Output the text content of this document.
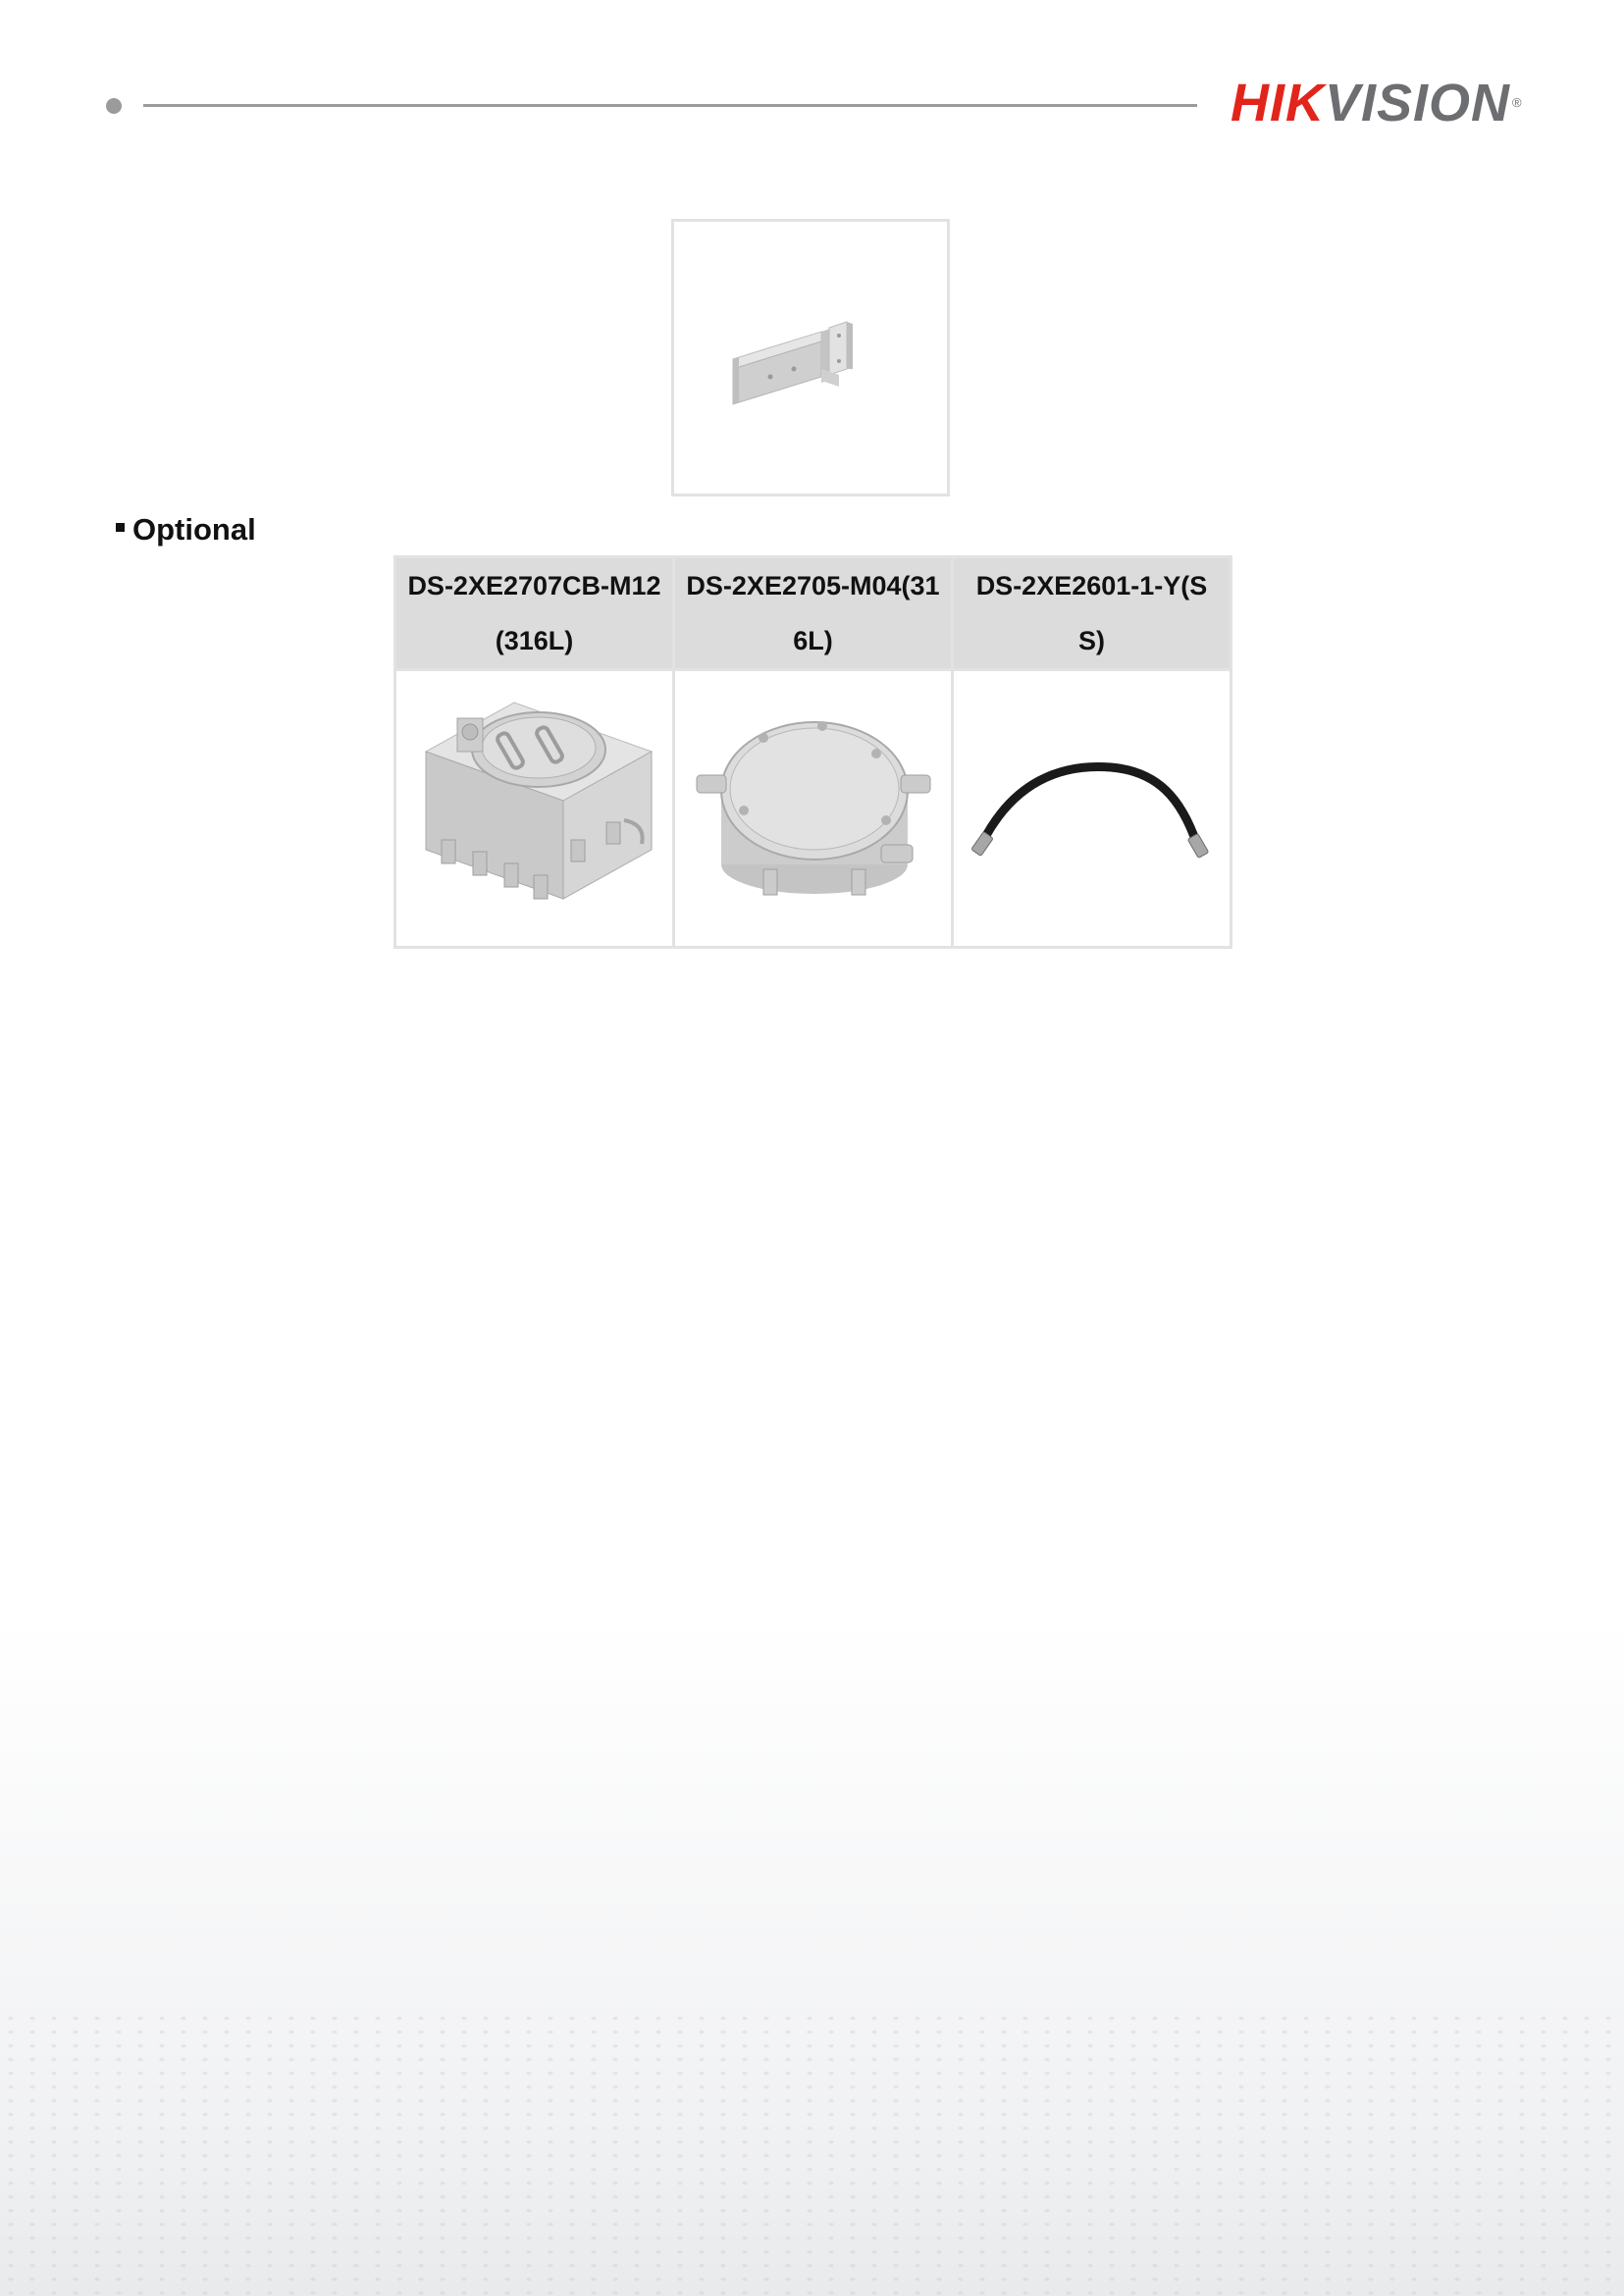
HIKVISION ®
Optional
DS-2XE2707CB-M12(316L)	DS-2XE2705-M04(316L)	DS-2XE2601-1-Y(SS)
